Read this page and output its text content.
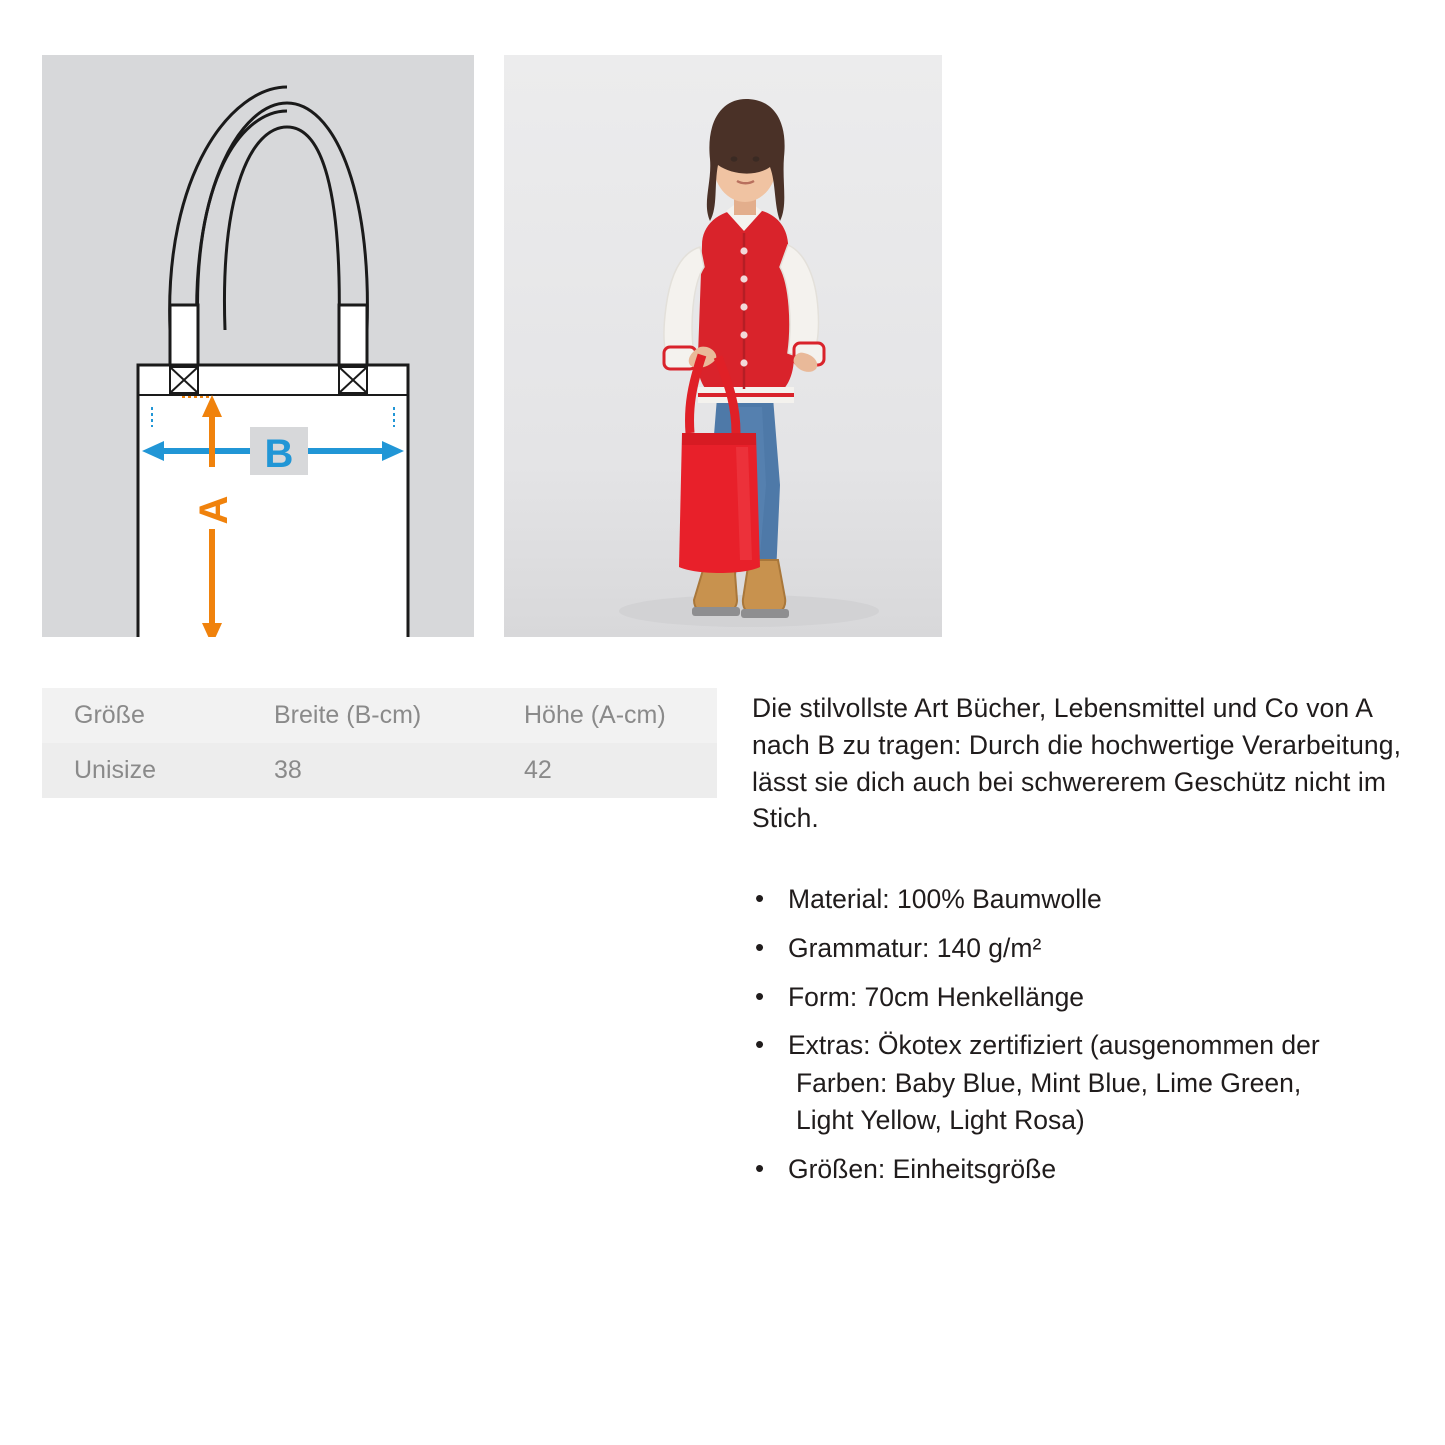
B
A
Größe	Breite (B-cm)	Höhe (A-cm)
Unisize	38	42

Die stilvollste Art Bücher, Lebensmittel und Co von A nach B zu tragen: Durch die hochwertige Verarbeitung, lässt sie dich auch bei schwererem Geschütz nicht im Stich.

• Material: 100% Baumwolle
• Grammatur: 140 g/m²
• Form: 70cm Henkellänge
• Extras: Ökotex zertifiziert (ausgenommen der
Farben: Baby Blue, Mint Blue, Lime Green,
Light Yellow, Light Rosa)
• Größen: Einheitsgröße
